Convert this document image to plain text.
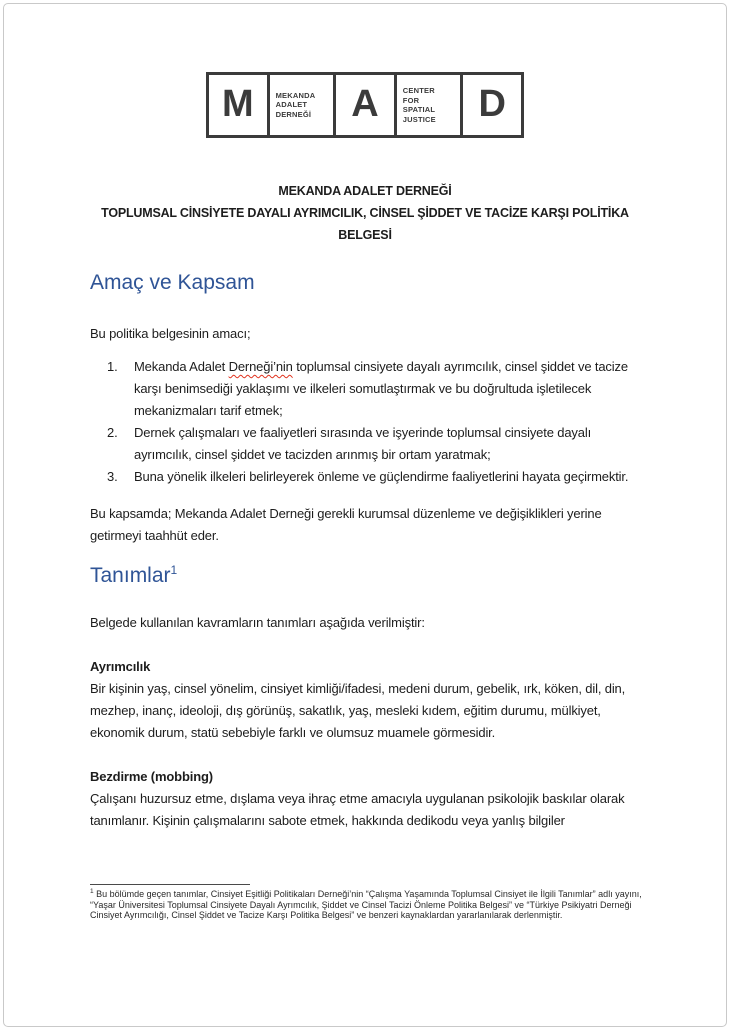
M	MEKANDA
ADALET
DERNEĞİ A	CENTER
FOR
SPATIAL
JUSTICE D
MEKANDA ADALET DERNEĞİ
TOPLUMSAL CİNSİYETE DAYALI AYRIMCILIK, CİNSEL ŞİDDET VE TACİZE KARŞI POLİTİKA
BELGESİ
Amaç ve Kapsam
Bu politika belgesinin amacı;
1.	Mekanda Adalet Derneği’nin toplumsal cinsiyete dayalı ayrımcılık, cinsel şiddet ve tacize karşı benimsediği yaklaşımı ve ilkeleri somutlaştırmak ve bu doğrultuda işletilecek mekanizmaları tarif etmek;
2.	Dernek çalışmaları ve faaliyetleri sırasında ve işyerinde toplumsal cinsiyete dayalı ayrımcılık, cinsel şiddet ve tacizden arınmış bir ortam yaratmak;
3.	Buna yönelik ilkeleri belirleyerek önleme ve güçlendirme faaliyetlerini hayata geçirmektir.
Bu kapsamda; Mekanda Adalet Derneği gerekli kurumsal düzenleme ve değişiklikleri yerine getirmeyi taahhüt eder.
Tanımlar$^1$
Belgede kullanılan kavramların tanımları aşağıda verilmiştir:
Ayrımcılık
Bir kişinin yaş, cinsel yönelim, cinsiyet kimliği/ifadesi, medeni durum, gebelik, ırk, köken, dil, din, mezhep, inanç, ideoloji, dış görünüş, sakatlık, yaş, mesleki kıdem, eğitim durumu, mülkiyet, ekonomik durum, statü sebebiyle farklı ve olumsuz muamele görmesidir.
Bezdirme (mobbing)
Çalışanı huzursuz etme, dışlama veya ihraç etme amacıyla uygulanan psikolojik baskılar olarak tanımlanır. Kişinin çalışmalarını sabote etmek, hakkında dedikodu veya yanlış bilgiler
$^1$ Bu bölümde geçen tanımlar, Cinsiyet Eşitliği Politikaları Derneği’nin “Çalışma Yaşamında Toplumsal Cinsiyet ile İlgili Tanımlar” adlı yayını, “Yaşar Üniversitesi Toplumsal Cinsiyete Dayalı Ayrımcılık, Şiddet ve Cinsel Tacizi Önleme Politika Belgesi” ve “Türkiye Psikiyatri Derneği Cinsiyet Ayrımcılığı, Cinsel Şiddet ve Tacize Karşı Politika Belgesi” ve benzeri kaynaklardan yararlanılarak derlenmiştir.
